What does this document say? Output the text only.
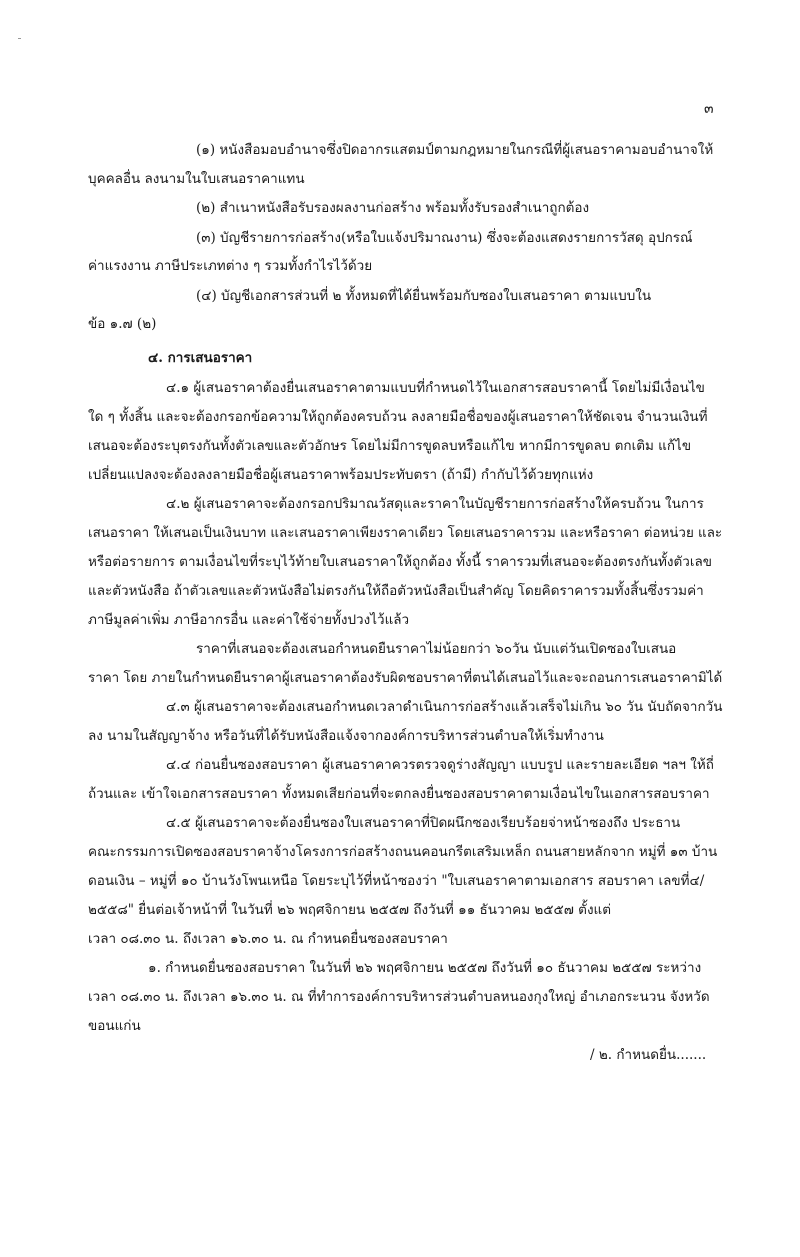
๓
(๑) หนังสือมอบอำนาจซึ่งปิดอากรแสตมป์ตามกฎหมายในกรณีที่ผู้เสนอราคามอบอำนาจให้
บุคคลอื่น ลงนามในใบเสนอราคาแทน
(๒) สำเนาหนังสือรับรองผลงานก่อสร้าง พร้อมทั้งรับรองสำเนาถูกต้อง
(๓) บัญชีรายการก่อสร้าง(หรือใบแจ้งปริมาณงาน) ซึ่งจะต้องแสดงรายการวัสดุ อุปกรณ์
ค่าแรงงาน ภาษีประเภทต่าง ๆ รวมทั้งกำไรไว้ด้วย
(๔) บัญชีเอกสารส่วนที่ ๒ ทั้งหมดที่ได้ยื่นพร้อมกับซองใบเสนอราคา ตามแบบใน
ข้อ ๑.๗ (๒)
๔. การเสนอราคา
๔.๑ ผู้เสนอราคาต้องยื่นเสนอราคาตามแบบที่กำหนดไว้ในเอกสารสอบราคานี้ โดยไม่มีเงื่อนไข
ใด ๆ ทั้งสิ้น และจะต้องกรอกข้อความให้ถูกต้องครบถ้วน ลงลายมือชื่อของผู้เสนอราคาให้ชัดเจน จำนวนเงินที่
เสนอจะต้องระบุตรงกันทั้งตัวเลขและตัวอักษร โดยไม่มีการขูดลบหรือแก้ไข หากมีการขูดลบ ตกเติม แก้ไข
เปลี่ยนแปลงจะต้องลงลายมือชื่อผู้เสนอราคาพร้อมประทับตรา (ถ้ามี) กำกับไว้ด้วยทุกแห่ง
๔.๒ ผู้เสนอราคาจะต้องกรอกปริมาณวัสดุและราคาในบัญชีรายการก่อสร้างให้ครบถ้วน ในการ
เสนอราคา ให้เสนอเป็นเงินบาท และเสนอราคาเพียงราคาเดียว โดยเสนอราคารวม และหรือราคา ต่อหน่วย และ
หรือต่อรายการ ตามเงื่อนไขที่ระบุไว้ท้ายใบเสนอราคาให้ถูกต้อง ทั้งนี้ ราคารวมที่เสนอจะต้องตรงกันทั้งตัวเลข
และตัวหนังสือ ถ้าตัวเลขและตัวหนังสือไม่ตรงกันให้ถือตัวหนังสือเป็นสำคัญ โดยคิดราคารวมทั้งสิ้นซึ่งรวมค่า
ภาษีมูลค่าเพิ่ม ภาษีอากรอื่น และค่าใช้จ่ายทั้งปวงไว้แล้ว
ราคาที่เสนอจะต้องเสนอกำหนดยืนราคาไม่น้อยกว่า ๖๐วัน นับแต่วันเปิดซองใบเสนอ
ราคา โดย ภายในกำหนดยืนราคาผู้เสนอราคาต้องรับผิดชอบราคาที่ตนได้เสนอไว้และจะถอนการเสนอราคามิได้
๔.๓ ผู้เสนอราคาจะต้องเสนอกำหนดเวลาดำเนินการก่อสร้างแล้วเสร็จไม่เกิน ๖๐ วัน นับถัดจากวัน
ลง นามในสัญญาจ้าง หรือวันที่ได้รับหนังสือแจ้งจากองค์การบริหารส่วนตำบลให้เริ่มทำงาน
๔.๔ ก่อนยื่นซองสอบราคา ผู้เสนอราคาควรตรวจดูร่างสัญญา แบบรูป และรายละเอียด ฯลฯ ให้ถี่
ถ้วนและ เข้าใจเอกสารสอบราคา ทั้งหมดเสียก่อนที่จะตกลงยื่นซองสอบราคาตามเงื่อนไขในเอกสารสอบราคา
๔.๕ ผู้เสนอราคาจะต้องยื่นซองใบเสนอราคาที่ปิดผนึกซองเรียบร้อยจ่าหน้าซองถึง ประธาน
คณะกรรมการเปิดซองสอบราคาจ้างโครงการก่อสร้างถนนคอนกรีตเสริมเหล็ก ถนนสายหลักจาก หมู่ที่ ๑๓ บ้าน
ดอนเงิน – หมู่ที่ ๑๐ บ้านวังโพนเหนือ โดยระบุไว้ที่หน้าซองว่า "ใบเสนอราคาตามเอกสาร สอบราคา เลขที่๔/
๒๕๕๘" ยื่นต่อเจ้าหน้าที่ ในวันที่ ๒๖ พฤศจิกายน ๒๕๕๗ ถึงวันที่ ๑๑ ธันวาคม ๒๕๕๗ ตั้งแต่
เวลา ๐๘.๓๐ น. ถึงเวลา ๑๖.๓๐ น. ณ กำหนดยื่นซองสอบราคา
๑. กำหนดยื่นซองสอบราคา ในวันที่ ๒๖ พฤศจิกายน ๒๕๕๗ ถึงวันที่ ๑๐ ธันวาคม ๒๕๕๗ ระหว่าง
เวลา ๐๘.๓๐ น. ถึงเวลา ๑๖.๓๐ น. ณ ที่ทำการองค์การบริหารส่วนตำบลหนองกุงใหญ่ อำเภอกระนวน จังหวัด
ขอนแก่น
/ ๒. กำหนดยื่น.......
